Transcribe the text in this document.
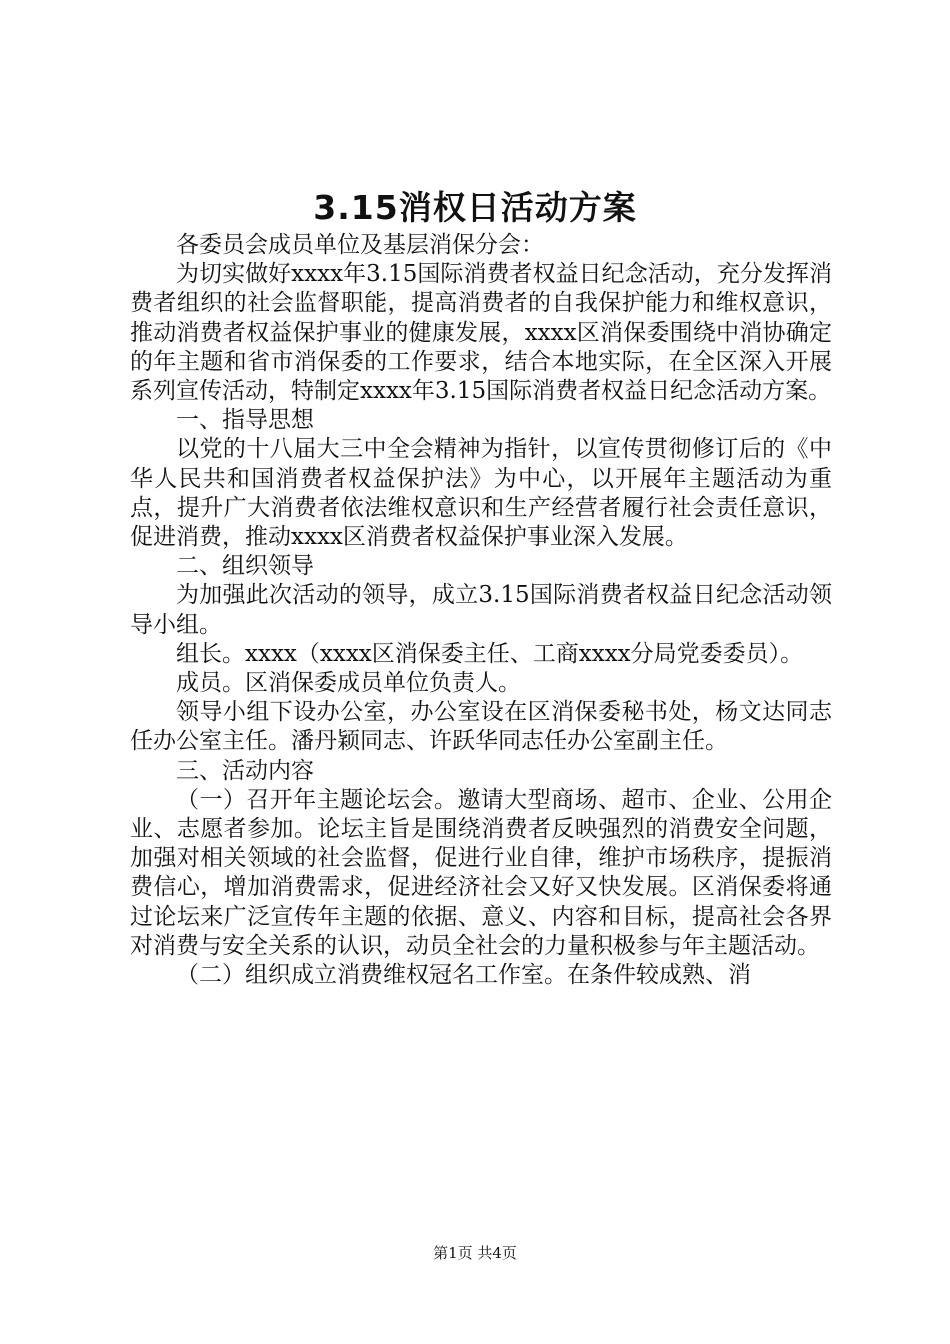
3.15消权日活动方案

各委员会成员单位及基层消保分会：

为切实做好xxxx年3.15国际消费者权益日纪念活动，充分发挥消费者组织的社会监督职能，提高消费者的自我保护能力和维权意识，推动消费者权益保护事业的健康发展，xxxx区消保委围绕中消协确定的年主题和省市消保委的工作要求，结合本地实际，在全区深入开展系列宣传活动，特制定xxxx年3.15国际消费者权益日纪念活动方案。

一、指导思想

以党的十八届大三中全会精神为指针，以宣传贯彻修订后的《中华人民共和国消费者权益保护法》为中心，以开展年主题活动为重点，提升广大消费者依法维权意识和生产经营者履行社会责任意识，促进消费，推动xxxx区消费者权益保护事业深入发展。

二、组织领导

为加强此次活动的领导，成立3.15国际消费者权益日纪念活动领导小组。

组长。xxxx（xxxx区消保委主任、工商xxxx分局党委委员）。

成员。区消保委成员单位负责人。

领导小组下设办公室，办公室设在区消保委秘书处，杨文达同志任办公室主任。潘丹颖同志、许跃华同志任办公室副主任。

三、活动内容

（一）召开年主题论坛会。邀请大型商场、超市、企业、公用企业、志愿者参加。论坛主旨是围绕消费者反映强烈的消费安全问题，加强对相关领域的社会监督，促进行业自律，维护市场秩序，提振消费信心，增加消费需求，促进经济社会又好又快发展。区消保委将通过论坛来广泛宣传年主题的依据、意义、内容和目标，提高社会各界对消费与安全关系的认识，动员全社会的力量积极参与年主题活动。

（二）组织成立消费维权冠名工作室。在条件较成熟、消

第1页 共4页
